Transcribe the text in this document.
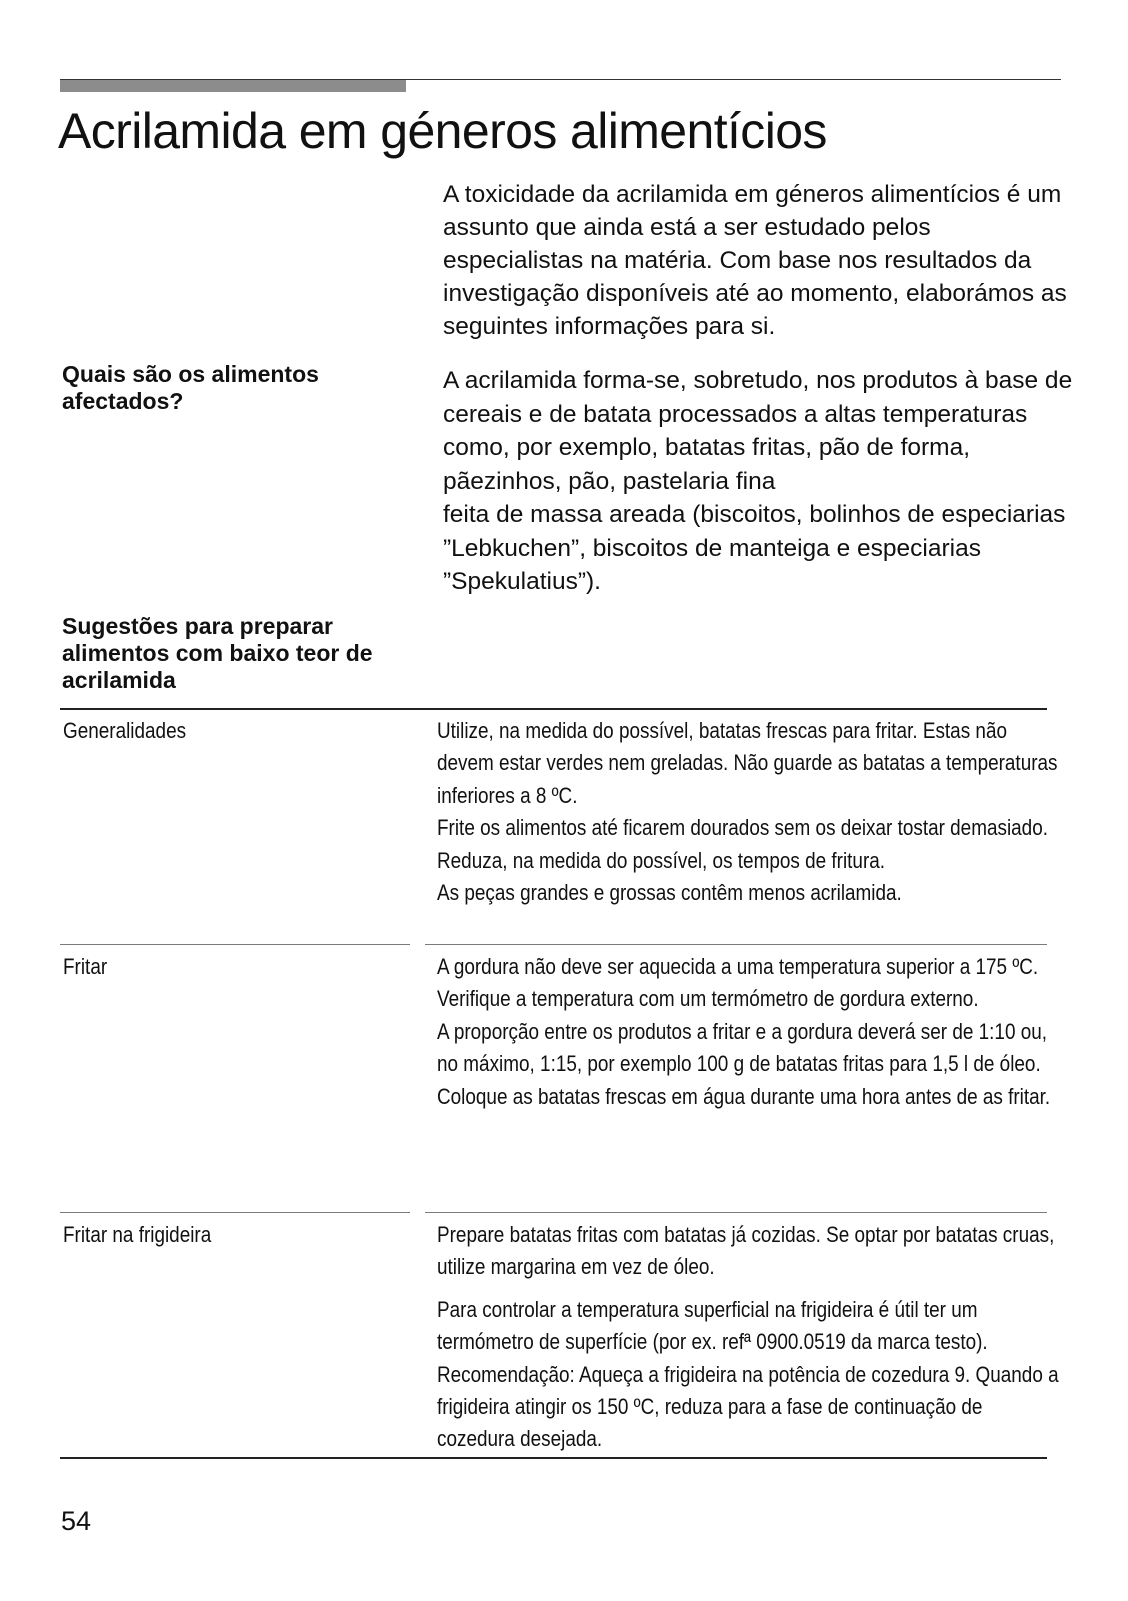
Acrilamida em géneros alimentícios
A toxicidade da acrilamida em géneros alimentícios é um assunto que ainda está a ser estudado pelos especialistas na matéria. Com base nos resultados da investigação disponíveis até ao momento, elaborámos as seguintes informações para si.
Quais são os alimentos afectados?

A acrilamida forma-se, sobretudo, nos produtos à base de cereais e de batata processados a altas temperaturas como, por exemplo, batatas fritas, pão de forma, pãezinhos, pão, pastelaria fina

feita de massa areada (biscoitos, bolinhos de especiarias ”Lebkuchen”, biscoitos de manteiga e especiarias ”Spekulatius”).

Sugestões para preparar alimentos com baixo teor de acrilamida
Generalidades	Utilize, na medida do possível, batatas frescas para fritar. Estas não devem estar verdes nem greladas. Não guarde as batatas a temperaturas inferiores a 8 ºC.

Frite os alimentos até ficarem dourados sem os deixar tostar demasiado.

Reduza, na medida do possível, os tempos de fritura.

As peças grandes e grossas contêm menos acrilamida.

Fritar	A gordura não deve ser aquecida a uma temperatura superior a 175 ºC. Verifique a temperatura com um termómetro de gordura externo.

A proporção entre os produtos a fritar e a gordura deverá ser de 1:10 ou, no máximo, 1:15, por exemplo 100 g de batatas fritas para 1,5 l de óleo.

Coloque as batatas frescas em água durante uma hora antes de as fritar.

Fritar na frigideira	Prepare batatas fritas com batatas já cozidas. Se optar por batatas cruas, utilize margarina em vez de óleo.

Para controlar a temperatura superficial na frigideira é útil ter um termómetro de superfície (por ex. refª 0900.0519 da marca testo). Recomendação: Aqueça a frigideira na potência de cozedura 9. Quando a frigideira atingir os 150 ºC, reduza para a fase de continuação de cozedura desejada.

54
